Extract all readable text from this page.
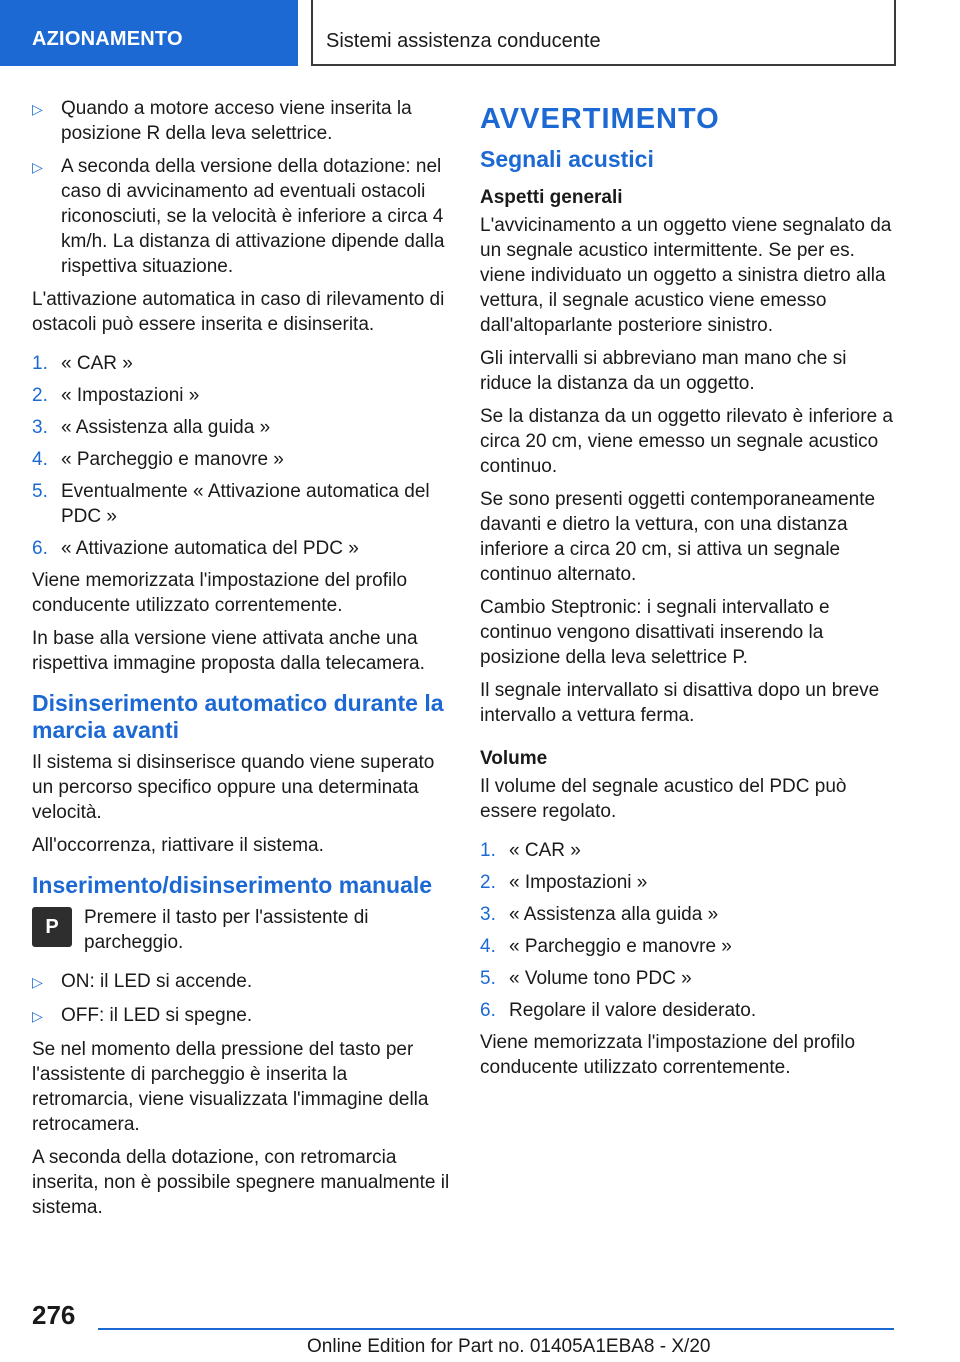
AZIONAMENTO	Sistemi assistenza conducente
▷ Quando a motore acceso viene inserita la posizione R della leva selettrice.
▷ A seconda della versione della dotazione: nel caso di avvicinamento ad eventuali ostacoli riconosciuti, se la velocità è inferiore a circa 4 km/h. La distanza di attivazione dipende dalla rispettiva situazione.

L'attivazione automatica in caso di rilevamento di ostacoli può essere inserita e disinserita.

1. « CAR »
2. « Impostazioni »
3. « Assistenza alla guida »
4. « Parcheggio e manovre »
5. Eventualmente « Attivazione automatica del PDC »
6. « Attivazione automatica del PDC »

Viene memorizzata l'impostazione del profilo conducente utilizzato correntemente.

In base alla versione viene attivata anche una rispettiva immagine proposta dalla telecamera.

Disinserimento automatico durante la marcia avanti

Il sistema si disinserisce quando viene superato un percorso specifico oppure una determinata velocità.

All'occorrenza, riattivare il sistema.

Inserimento/disinserimento manuale
P	Premere il tasto per l'assistente di parcheggio.
▷ ON: il LED si accende.
▷ OFF: il LED si spegne.

Se nel momento della pressione del tasto per l'assistente di parcheggio è inserita la retromarcia, viene visualizzata l'immagine della retrocamera.

A seconda della dotazione, con retromarcia inserita, non è possibile spegnere manualmente il sistema.

AVVERTIMENTO
Segnali acustici
Aspetti generali

L'avvicinamento a un oggetto viene segnalato da un segnale acustico intermittente. Se per es. viene individuato un oggetto a sinistra dietro alla vettura, il segnale acustico viene emesso dall'altoparlante posteriore sinistro.

Gli intervalli si abbreviano man mano che si riduce la distanza da un oggetto.

Se la distanza da un oggetto rilevato è inferiore a circa 20 cm, viene emesso un segnale acustico continuo.

Se sono presenti oggetti contemporaneamente davanti e dietro la vettura, con una distanza inferiore a circa 20 cm, si attiva un segnale continuo alternato.

Cambio Steptronic: i segnali intervallato e continuo vengono disattivati inserendo la posizione della leva selettrice P.

Il segnale intervallato si disattiva dopo un breve intervallo a vettura ferma.

Volume

Il volume del segnale acustico del PDC può essere regolato.

1. « CAR »
2. « Impostazioni »
3. « Assistenza alla guida »
4. « Parcheggio e manovre »
5. « Volume tono PDC »
6. Regolare il valore desiderato.

Viene memorizzata l'impostazione del profilo conducente utilizzato correntemente.

276
Online Edition for Part no. 01405A1EBA8 - X/20
